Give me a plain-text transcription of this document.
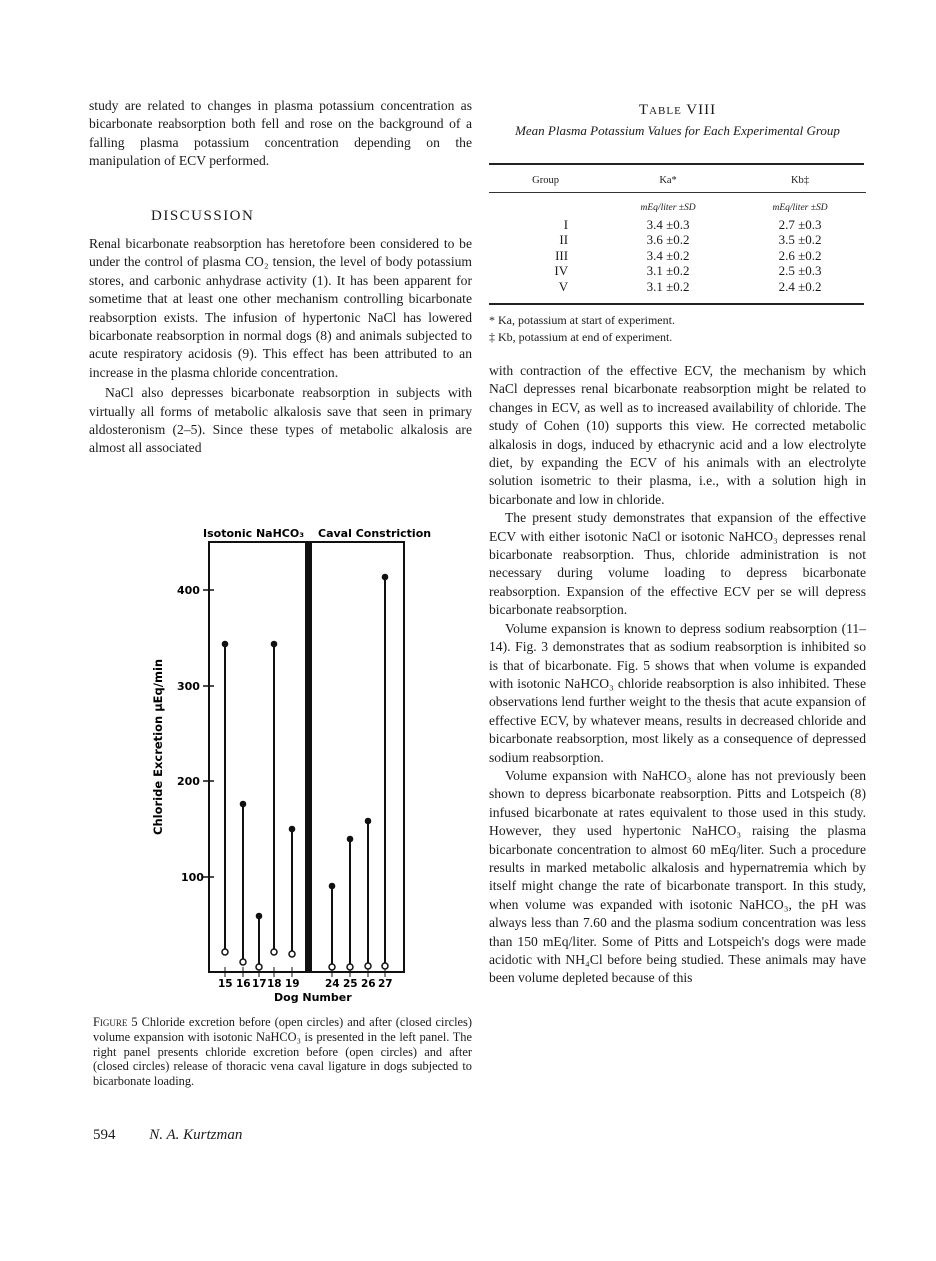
study are related to changes in plasma potassium concentration as bicarbonate reabsorption both fell and rose on the background of a falling plasma potassium concentration depending on the manipulation of ECV performed.

DISCUSSION

Renal bicarbonate reabsorption has heretofore been considered to be under the control of plasma CO₂ tension, the level of body potassium stores, and carbonic anhydrase activity (1). It has been apparent for sometime that at least one other mechanism controlling bicarbonate reabsorption exists. The infusion of hypertonic NaCl has lowered bicarbonate reabsorption in normal dogs (8) and animals subjected to acute respiratory acidosis (9). This effect has been attributed to an increase in the plasma chloride concentration.

NaCl also depresses bicarbonate reabsorption in subjects with virtually all forms of metabolic alkalosis save that seen in primary aldosteronism (2–5). Since these types of metabolic alkalosis are almost all associated

Table VIII
Mean Plasma Potassium Values for Each Experimental Group
Group	Ka*	Kb‡

	mEq/liter ±SD	mEq/liter ±SD
I	3.4 ±0.3	2.7 ±0.3
II	3.6 ±0.2	3.5 ±0.2
III	3.4 ±0.2	2.6 ±0.2
IV	3.1 ±0.2	2.5 ±0.3
V	3.1 ±0.2	2.4 ±0.2
* Ka, potassium at start of experiment.
‡ Kb, potassium at end of experiment.

with contraction of the effective ECV, the mechanism by which NaCl depresses renal bicarbonate reabsorption might be related to changes in ECV, as well as to increased availability of chloride. The study of Cohen (10) supports this view. He corrected metabolic alkalosis in dogs, induced by ethacrynic acid and a low electrolyte diet, by expanding the ECV of his animals with an electrolyte solution isometric to their plasma, i.e., with a solution high in bicarbonate and low in chloride.

The present study demonstrates that expansion of the effective ECV with either isotonic NaCl or isotonic NaHCO₃ depresses renal bicarbonate reabsorption. Thus, chloride administration is not necessary during volume loading to depress bicarbonate reabsorption. Expansion of the effective ECV per se will depress bicarbonate reabsorption.

Volume expansion is known to depress sodium reabsorption (11–14). Fig. 3 demonstrates that as sodium reabsorption is inhibited so is that of bicarbonate. Fig. 5 shows that when volume is expanded with isotonic NaHCO₃ chloride reabsorption is also inhibited. These observations lend further weight to the thesis that acute expansion of effective ECV, by whatever means, results in decreased chloride and bicarbonate reabsorption, most likely as a consequence of depressed sodium reabsorption.

Volume expansion with NaHCO₃ alone has not previously been shown to depress bicarbonate reabsorption. Pitts and Lotspeich (8) infused bicarbonate at rates equivalent to those used in this study. However, they used hypertonic NaHCO₃ raising the plasma bicarbonate concentration to almost 60 mEq/liter. Such a procedure results in marked metabolic alkalosis and hypernatremia which by itself might change the rate of bicarbonate transport. In this study, when volume was expanded with isotonic NaHCO₃, the pH was always less than 7.60 and the plasma sodium concentration was less than 150 mEq/liter. Some of Pitts and Lotspeich's dogs were made acidotic with NH₄Cl before being studied. These animals may have been volume depleted because of this

Isotonic NaHCO₃ Caval Constriction
400
300
200
100
Chloride Excretion µEq/min
15 16 17 18 19 24 25 26 27
Dog Number
Figure 5 Chloride excretion before (open circles) and after (closed circles) volume expansion with isotonic NaHCO₃ is presented in the left panel. The right panel presents chloride excretion before (open circles) and after (closed circles) release of thoracic vena caval ligature in dogs subjected to bicarbonate loading.
594 N. A. Kurtzman
